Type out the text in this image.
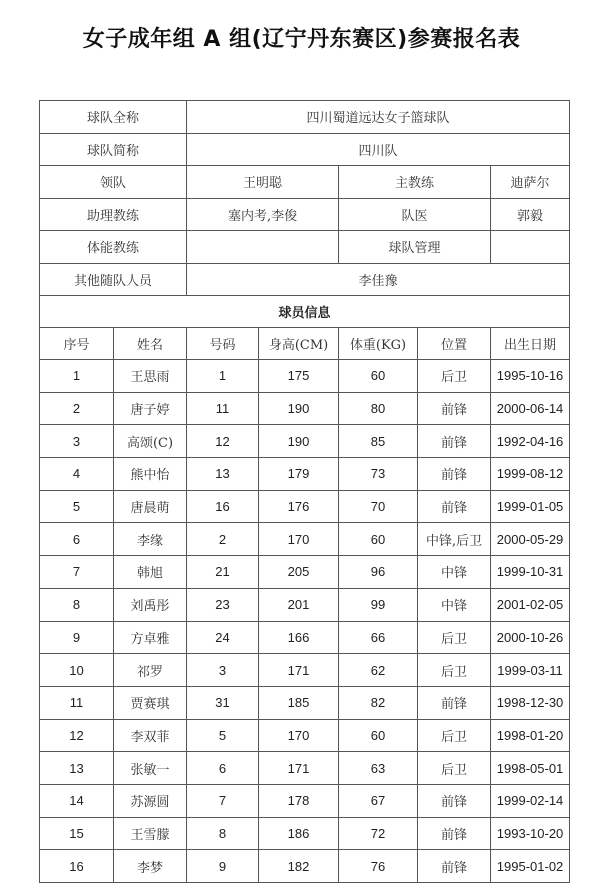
女子成年组 A 组(辽宁丹东赛区)参赛报名表
球队全称		四川蜀道远达女子篮球队				
球队简称		四川队				
领队		王明聪		主教练		迪萨尔
助理教练		塞内考,李俊		队医		郭毅
体能教练				球队管理		
其他随队人员		李佳豫				
球员信息						
序号	姓名	号码	身高(CM)	体重(KG)	位置	出生日期
1	王思雨	1	175	60	后卫	1995-10-16
2	唐子婷	11	190	80	前锋	2000-06-14
3	高颂(C)	12	190	85	前锋	1992-04-16
4	熊中怡	13	179	73	前锋	1999-08-12
5	唐晨萌	16	176	70	前锋	1999-01-05
6	李缘	2	170	60	中锋,后卫	2000-05-29
7	韩旭	21	205	96	中锋	1999-10-31
8	刘禹彤	23	201	99	中锋	2001-02-05
9	方卓雅	24	166	66	后卫	2000-10-26
10	祁罗	3	171	62	后卫	1999-03-11
11	贾赛琪	31	185	82	前锋	1998-12-30
12	李双菲	5	170	60	后卫	1998-01-20
13	张敏一	6	171	63	后卫	1998-05-01
14	苏源圆	7	178	67	前锋	1999-02-14
15	王雪朦	8	186	72	前锋	1993-10-20
16	李梦	9	182	76	前锋	1995-01-02
